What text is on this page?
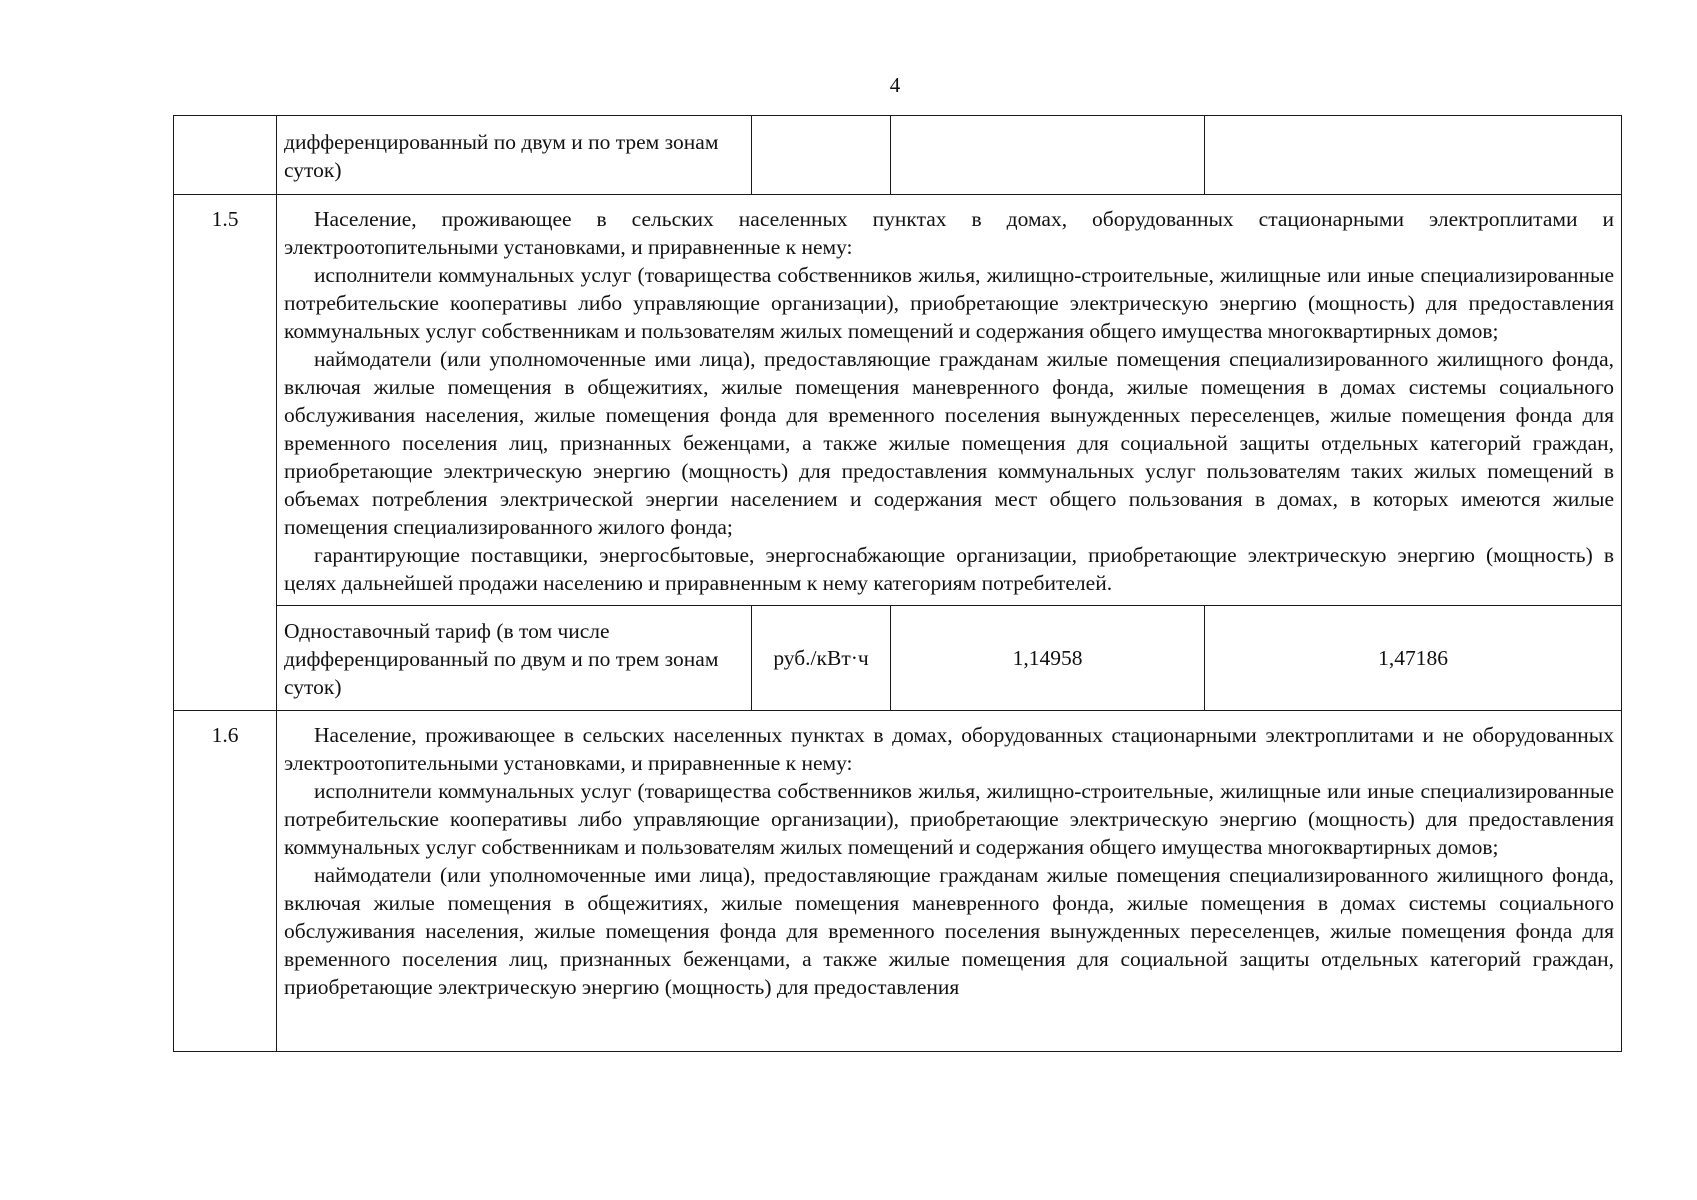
4
	дифференцированный по двум и по трем зонам суток)			
1.5	Население, проживающее в сельских населенных пунктах в домах, оборудованных стационарными электроплитами и электроотопительными установками, и приравненные к нему:

исполнители коммунальных услуг (товарищества собственников жилья, жилищно-строительные, жилищные или иные специализированные потребительские кооперативы либо управляющие организации), приобретающие электрическую энергию (мощность) для предоставления коммунальных услуг собственникам и пользователям жилых помещений и содержания общего имущества многоквартирных домов;

наймодатели (или уполномоченные ими лица), предоставляющие гражданам жилые помещения специализированного жилищного фонда, включая жилые помещения в общежитиях, жилые помещения маневренного фонда, жилые помещения в домах системы социального обслуживания населения, жилые помещения фонда для временного поселения вынужденных переселенцев, жилые помещения фонда для временного поселения лиц, признанных беженцами, а также жилые помещения для социальной защиты отдельных категорий граждан, приобретающие электрическую энергию (мощность) для предоставления коммунальных услуг пользователям таких жилых помещений в объемах потребления электрической энергии населением и содержания мест общего пользования в домах, в которых имеются жилые помещения специализированного жилого фонда;

гарантирующие поставщики, энергосбытовые, энергоснабжающие организации, приобретающие электрическую энергию (мощность) в целях дальнейшей продажи населению и приравненным к нему категориям потребителей.			

	Одноставочный тариф (в том числе дифференцированный по двум и по трем зонам суток)	руб./кВт·ч	1,14958	1,47186
1.6	Население, проживающее в сельских населенных пунктах в домах, оборудованных стационарными электроплитами и не оборудованных электроотопительными установками, и приравненные к нему:

исполнители коммунальных услуг (товарищества собственников жилья, жилищно-строительные, жилищные или иные специализированные потребительские кооперативы либо управляющие организации), приобретающие электрическую энергию (мощность) для предоставления коммунальных услуг собственникам и пользователям жилых помещений и содержания общего имущества многоквартирных домов;

наймодатели (или уполномоченные ими лица), предоставляющие гражданам жилые помещения специализированного жилищного фонда, включая жилые помещения в общежитиях, жилые помещения маневренного фонда, жилые помещения в домах системы социального обслуживания населения, жилые помещения фонда для временного поселения вынужденных переселенцев, жилые помещения фонда для временного поселения лиц, признанных беженцами, а также жилые помещения для социальной защиты отдельных категорий граждан, приобретающие электрическую энергию (мощность) для предоставления			
